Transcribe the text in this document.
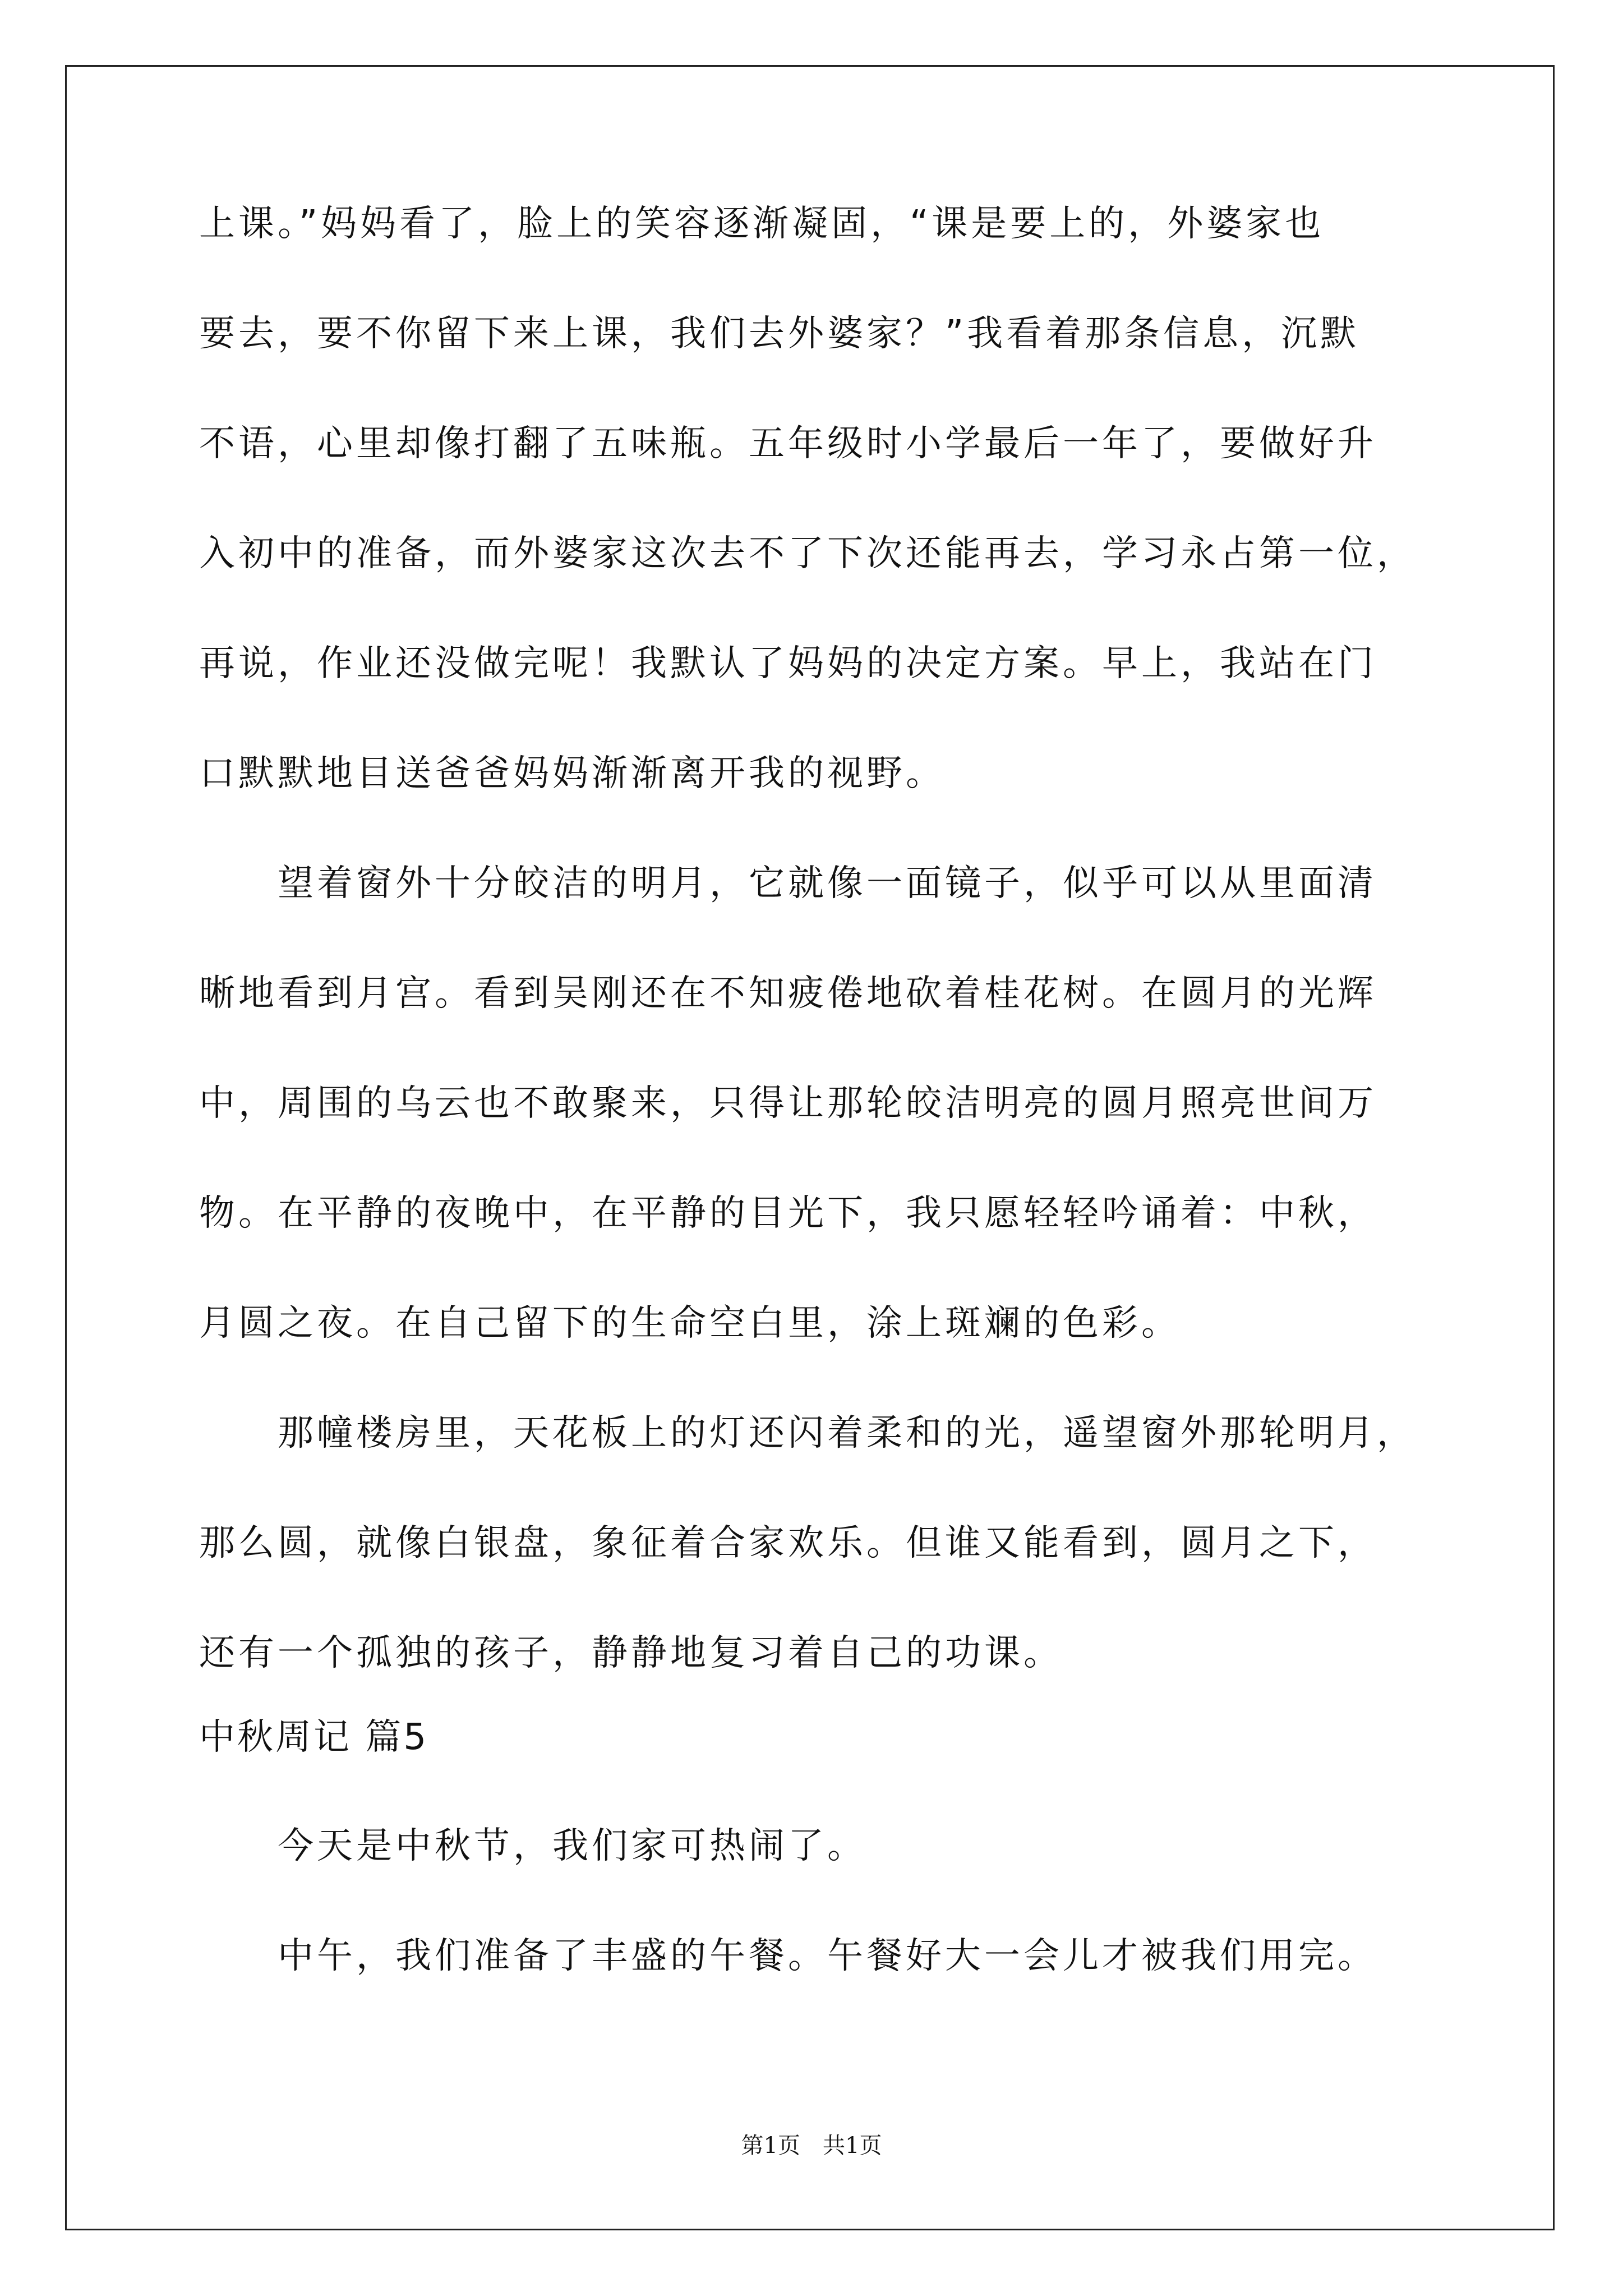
上课。”妈妈看了，脸上的笑容逐渐凝固，“课是要上的，外婆家也
要去，要不你留下来上课，我们去外婆家？”我看着那条信息，沉默
不语，心里却像打翻了五味瓶。五年级时小学最后一年了，要做好升
入初中的准备，而外婆家这次去不了下次还能再去，学习永占第一位，
再说，作业还没做完呢！我默认了妈妈的决定方案。早上，我站在门
口默默地目送爸爸妈妈渐渐离开我的视野。
　　望着窗外十分皎洁的明月，它就像一面镜子，似乎可以从里面清
晰地看到月宫。看到吴刚还在不知疲倦地砍着桂花树。在圆月的光辉
中，周围的乌云也不敢聚来，只得让那轮皎洁明亮的圆月照亮世间万
物。在平静的夜晚中，在平静的目光下，我只愿轻轻吟诵着：中秋，
月圆之夜。在自己留下的生命空白里，涂上斑斓的色彩。
　　那幢楼房里，天花板上的灯还闪着柔和的光，遥望窗外那轮明月，
那么圆，就像白银盘，象征着合家欢乐。但谁又能看到，圆月之下，
还有一个孤独的孩子，静静地复习着自己的功课。
　　今天是中秋节，我们家可热闹了。
　　中午，我们准备了丰盛的午餐。午餐好大一会儿才被我们用完。
中秋周记 篇5
第1页　共1页
